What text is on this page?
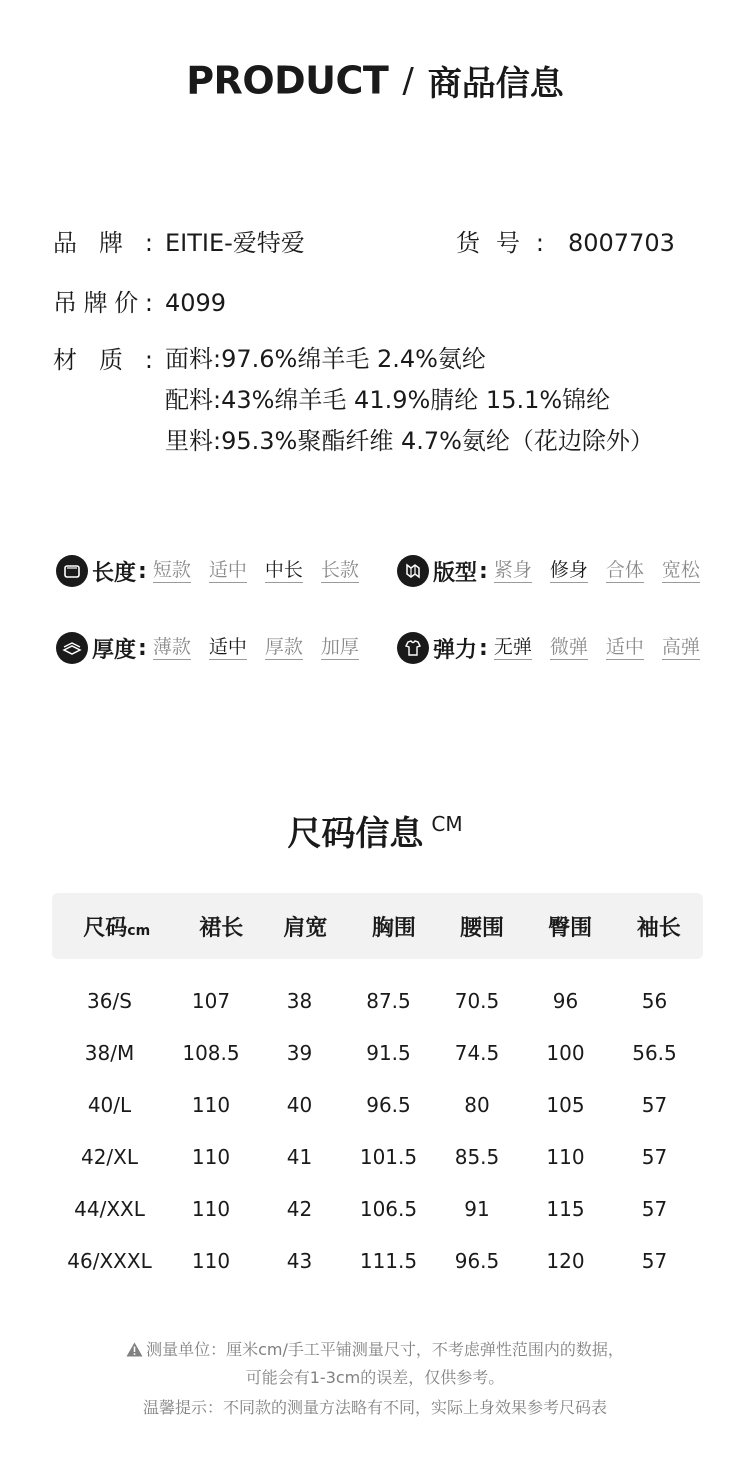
PRODUCT / 商品信息
品牌: EITIE-爱特爱	货号: 8007703
吊牌价: 4099
材质: 面料:97.6%绵羊毛 2.4%氨纶
配料:43%绵羊毛 41.9%腈纶 15.1%锦纶
里料:95.3%聚酯纤维 4.7%氨纶（花边除外）
长度 : 短款 适中 中长 长款	版型 : 紧身 修身 合体 宽松
厚度 : 薄款 适中 厚款 加厚	弹力 : 无弹 微弹 适中 高弹
尺码信息 CM
尺码cm	裙长	肩宽	胸围	腰围	臀围	袖长
36/S	107	38	87.5	70.5	96	56
38/M	108.5	39	91.5	74.5	100	56.5
40/L	110	40	96.5	80	105	57
42/XL	110	41	101.5	85.5	110	57
44/XXL	110	42	106.5	91	115	57
46/XXXL	110	43	111.5	96.5	120	57
测量单位：厘米cm/手工平铺测量尺寸，不考虑弹性范围内的数据，
可能会有1-3cm的误差，仅供参考。
温馨提示：不同款的测量方法略有不同，实际上身效果参考尺码表
